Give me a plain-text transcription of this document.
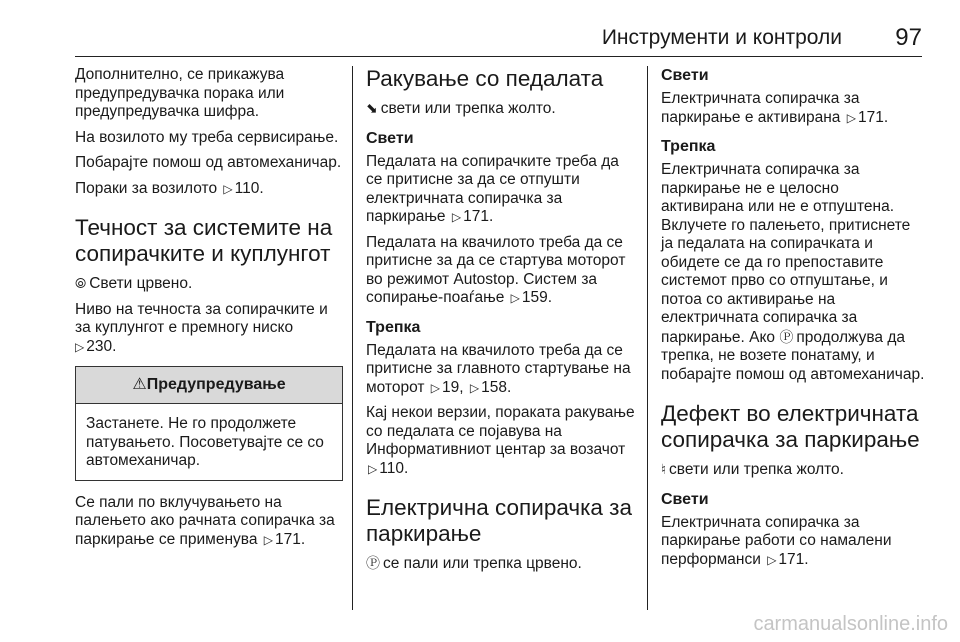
Инструменти и контроли 97

Дополнително, се прикажува предупредувачка порака или предупредувачка шифра.

На возилото му треба сервисирање.

Побарајте помош од автомеханичар.

Пораки за возилото ▷ 110.

Течност за системите на сопирачките и куплунгот

⦾ Свети црвено.

Ниво на течноста за сопирачките и за куплунгот е премногу ниско
▷ 230.

⚠Предупредување
Застанете. Не го продолжете патувањето. Посоветувајте се со автомеханичар.

Се пали по вклучувањето на палењето ако рачната сопирачка за паркирање се применува ▷ 171.

Ракување со педалата

⬊ свети или трепка жолто.

Свети

Педалата на сопирачките треба да се притисне за да се отпушти електричната сопирачка за паркирање ▷ 171.

Педалата на квачилото треба да се притисне за да се стартува моторот во режимот Autostop. Систем за сопирање-поаѓање ▷ 159.

Трепка

Педалата на квачилото треба да се притисне за главното стартување на моторот ▷ 19, ▷ 158.

Кај некои верзии, пораката ракување со педалата се појавува на Информативниот центар за возачот ▷ 110.

Електрична сопирачка за паркирање

Ⓟ се пали или трепка црвено.

Свети

Електричната сопирачка за паркирање е активирана ▷ 171.

Трепка

Електричната сопирачка за паркирање не е целосно активирана или не е отпуштена. Вклучете го палењето, притиснете ја педалата на сопирачката и обидете се да го препоставите системот прво со отпуштање, и потоа со активирање на електричната сопирачка за паркирање. Ако Ⓟ продолжува да трепка, не возете понатаму, и побарајте помош од автомеханичар.

Дефект во електричната сопирачка за паркирање

♮ свети или трепка жолто.

Свети

Електричната сопирачка за паркирање работи со намалени перформанси ▷ 171.

carmanualsonline.info
